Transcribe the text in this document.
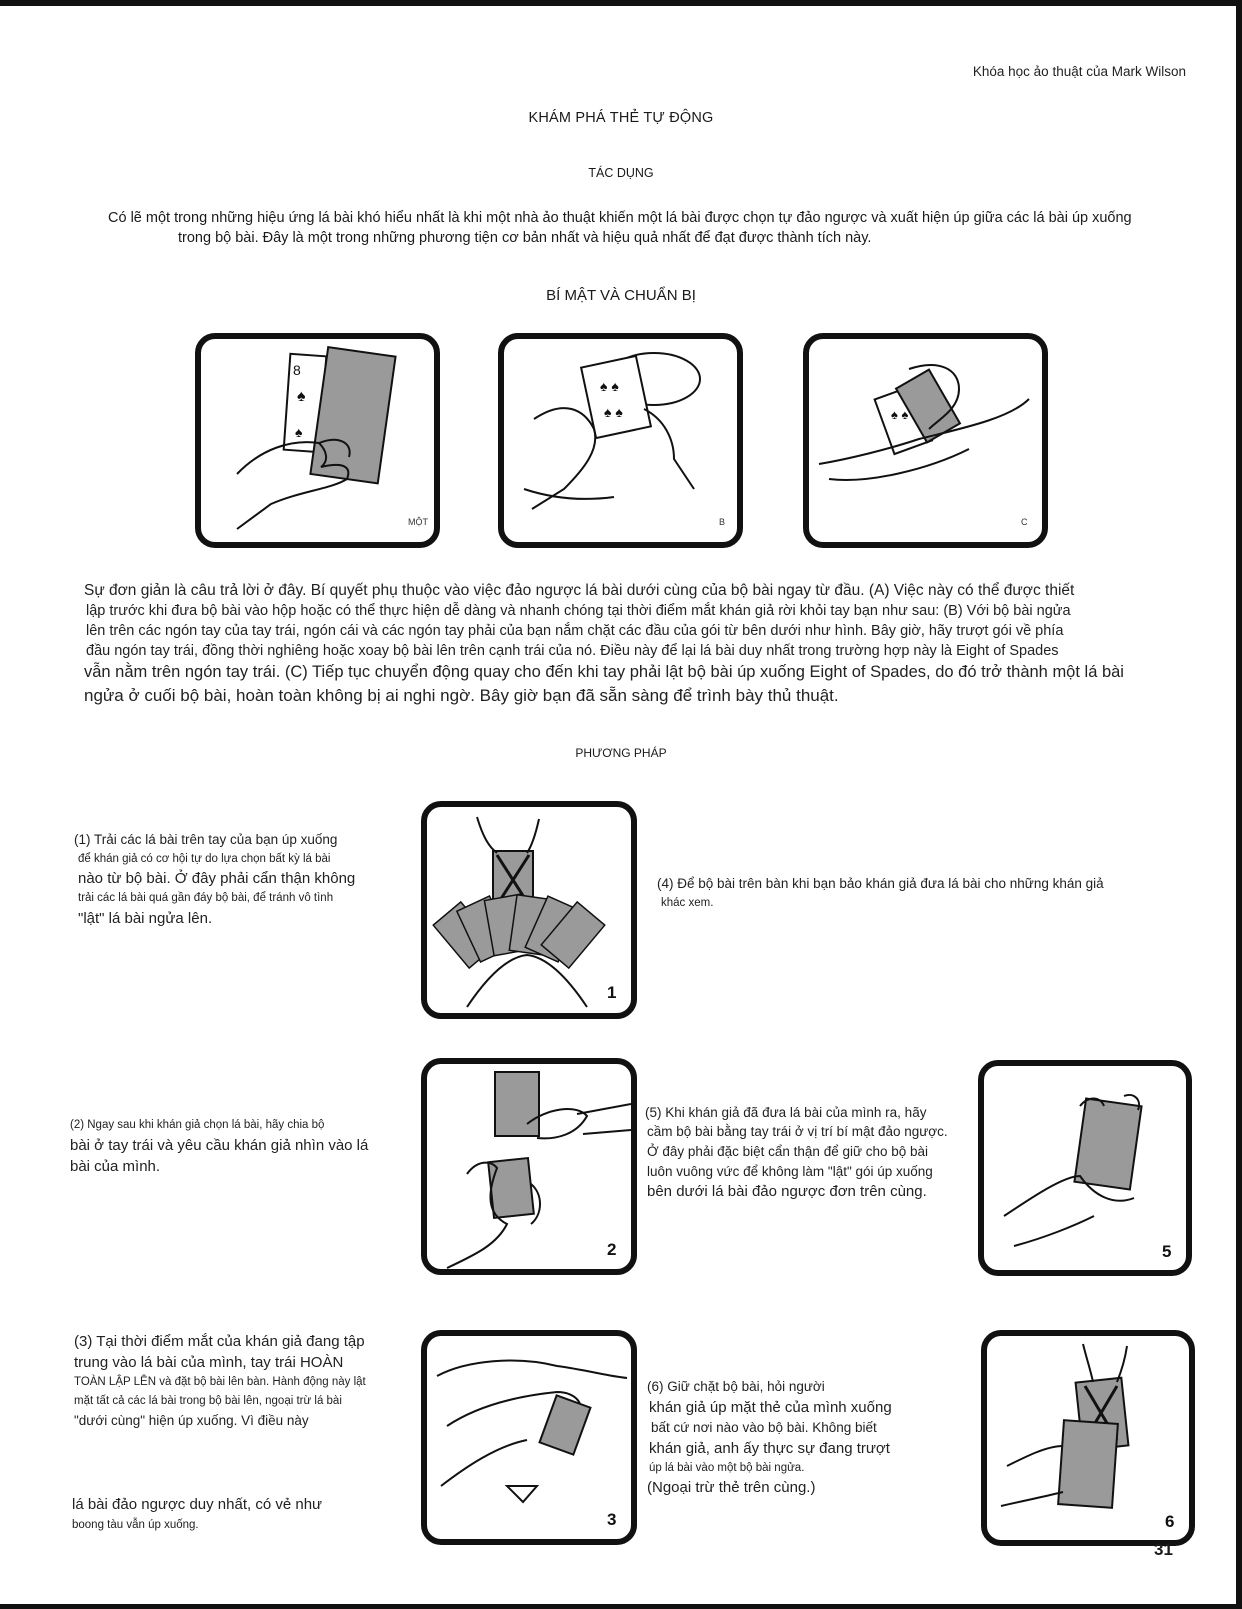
Khóa học ảo thuật của Mark Wilson
KHÁM PHÁ THẺ TỰ ĐỘNG
TÁC DỤNG
Có lẽ một trong những hiệu ứng lá bài khó hiểu nhất là khi một nhà ảo thuật khiến một lá bài được chọn tự đảo ngược và xuất hiện úp giữa các lá bài úp xuống
trong bộ bài. Đây là một trong những phương tiện cơ bản nhất và hiệu quả nhất để đạt được thành tích này.
BÍ MẬT VÀ CHUẨN BỊ
8
♠
♠
MỘT
♠ ♠
♠ ♠
B
♠ ♠
C
Sự đơn giản là câu trả lời ở đây. Bí quyết phụ thuộc vào việc đảo ngược lá bài dưới cùng của bộ bài ngay từ đầu. (A) Việc này có thể được thiết
lập trước khi đưa bộ bài vào hộp hoặc có thể thực hiện dễ dàng và nhanh chóng tại thời điểm mắt khán giả rời khỏi tay bạn như sau: (B) Với bộ bài ngửa
lên trên các ngón tay của tay trái, ngón cái và các ngón tay phải của bạn nắm chặt các đầu của gói từ bên dưới như hình. Bây giờ, hãy trượt gói về phía
đầu ngón tay trái, đồng thời nghiêng hoặc xoay bộ bài lên trên cạnh trái của nó. Điều này để lại lá bài duy nhất trong trường hợp này là Eight of Spades
vẫn nằm trên ngón tay trái. (C) Tiếp tục chuyển động quay cho đến khi tay phải lật bộ bài úp xuống Eight of Spades, do đó trở thành một lá bài
ngửa ở cuối bộ bài, hoàn toàn không bị ai nghi ngờ. Bây giờ bạn đã sẵn sàng để trình bày thủ thuật.
PHƯƠNG PHÁP
(1) Trải các lá bài trên tay của bạn úp xuống
để khán giả có cơ hội tự do lựa chọn bất kỳ lá bài
nào từ bộ bài. Ở đây phải cẩn thận không
trải các lá bài quá gần đáy bộ bài, để tránh vô tình
"lật" lá bài ngửa lên.
1
(4) Để bộ bài trên bàn khi bạn bảo khán giả đưa lá bài cho những khán giả
khác xem.
(2) Ngay sau khi khán giả chọn lá bài, hãy chia bộ
bài ở tay trái và yêu cầu khán giả nhìn vào lá
bài của mình.
2
(5) Khi khán giả đã đưa lá bài của mình ra, hãy
cầm bộ bài bằng tay trái ở vị trí bí mật đảo ngược.
Ở đây phải đặc biệt cẩn thận để giữ cho bộ bài
luôn vuông vức để không làm "lật" gói úp xuống
bên dưới lá bài đảo ngược đơn trên cùng.
5
(3) Tại thời điểm mắt của khán giả đang tập
trung vào lá bài của mình, tay trái HOÀN
TOÀN LẬP LÊN và đặt bộ bài lên bàn. Hành động này lật
mặt tất cả các lá bài trong bộ bài lên, ngoại trừ lá bài
"dưới cùng" hiện úp xuống. Vì điều này
lá bài đảo ngược duy nhất, có vẻ như
boong tàu vẫn úp xuống.	3
(6) Giữ chặt bộ bài, hỏi người
khán giả úp mặt thẻ của mình xuống
bất cứ nơi nào vào bộ bài. Không biết
khán giả, anh ấy thực sự đang trượt
úp lá bài vào một bộ bài ngửa.
(Ngoại trừ thẻ trên cùng.)
6
31
